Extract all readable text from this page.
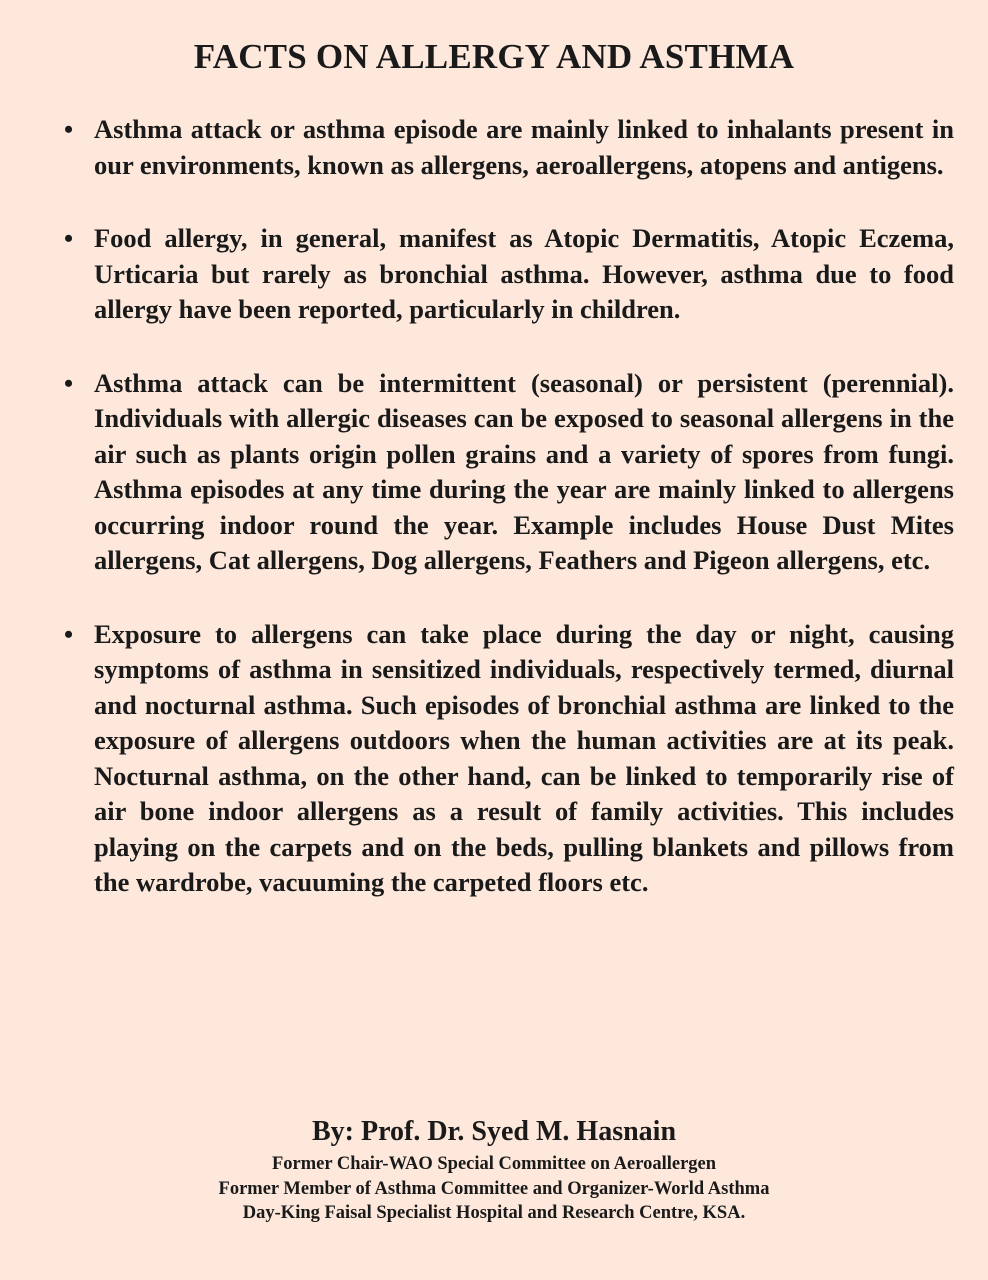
FACTS ON ALLERGY AND ASTHMA
• Asthma attack or asthma episode are mainly linked to inhalants present in our environments, known as allergens, aeroallergens, atopens and antigens.
• Food allergy, in general, manifest as Atopic Dermatitis, Atopic Eczema, Urticaria but rarely as bronchial asthma. However, asthma due to food allergy have been reported, particularly in children.
• Asthma attack can be intermittent (seasonal) or persistent (perennial). Individuals with allergic diseases can be exposed to seasonal allergens in the air such as plants origin pollen grains and a variety of spores from fungi. Asthma episodes at any time during the year are mainly linked to allergens occurring indoor round the year. Example includes House Dust Mites allergens, Cat allergens, Dog allergens, Feathers and Pigeon allergens, etc.
• Exposure to allergens can take place during the day or night, causing symptoms of asthma in sensitized individuals, respectively termed, diurnal and nocturnal asthma. Such episodes of bronchial asthma are linked to the exposure of allergens outdoors when the human activities are at its peak. Nocturnal asthma, on the other hand, can be linked to temporarily rise of air bone indoor allergens as a result of family activities. This includes playing on the carpets and on the beds, pulling blankets and pillows from the wardrobe, vacuuming the carpeted floors etc.

By: Prof. Dr. Syed M. Hasnain

Former Chair-WAO Special Committee on Aeroallergen

Former Member of Asthma Committee and Organizer-World Asthma

Day-King Faisal Specialist Hospital and Research Centre, KSA.
